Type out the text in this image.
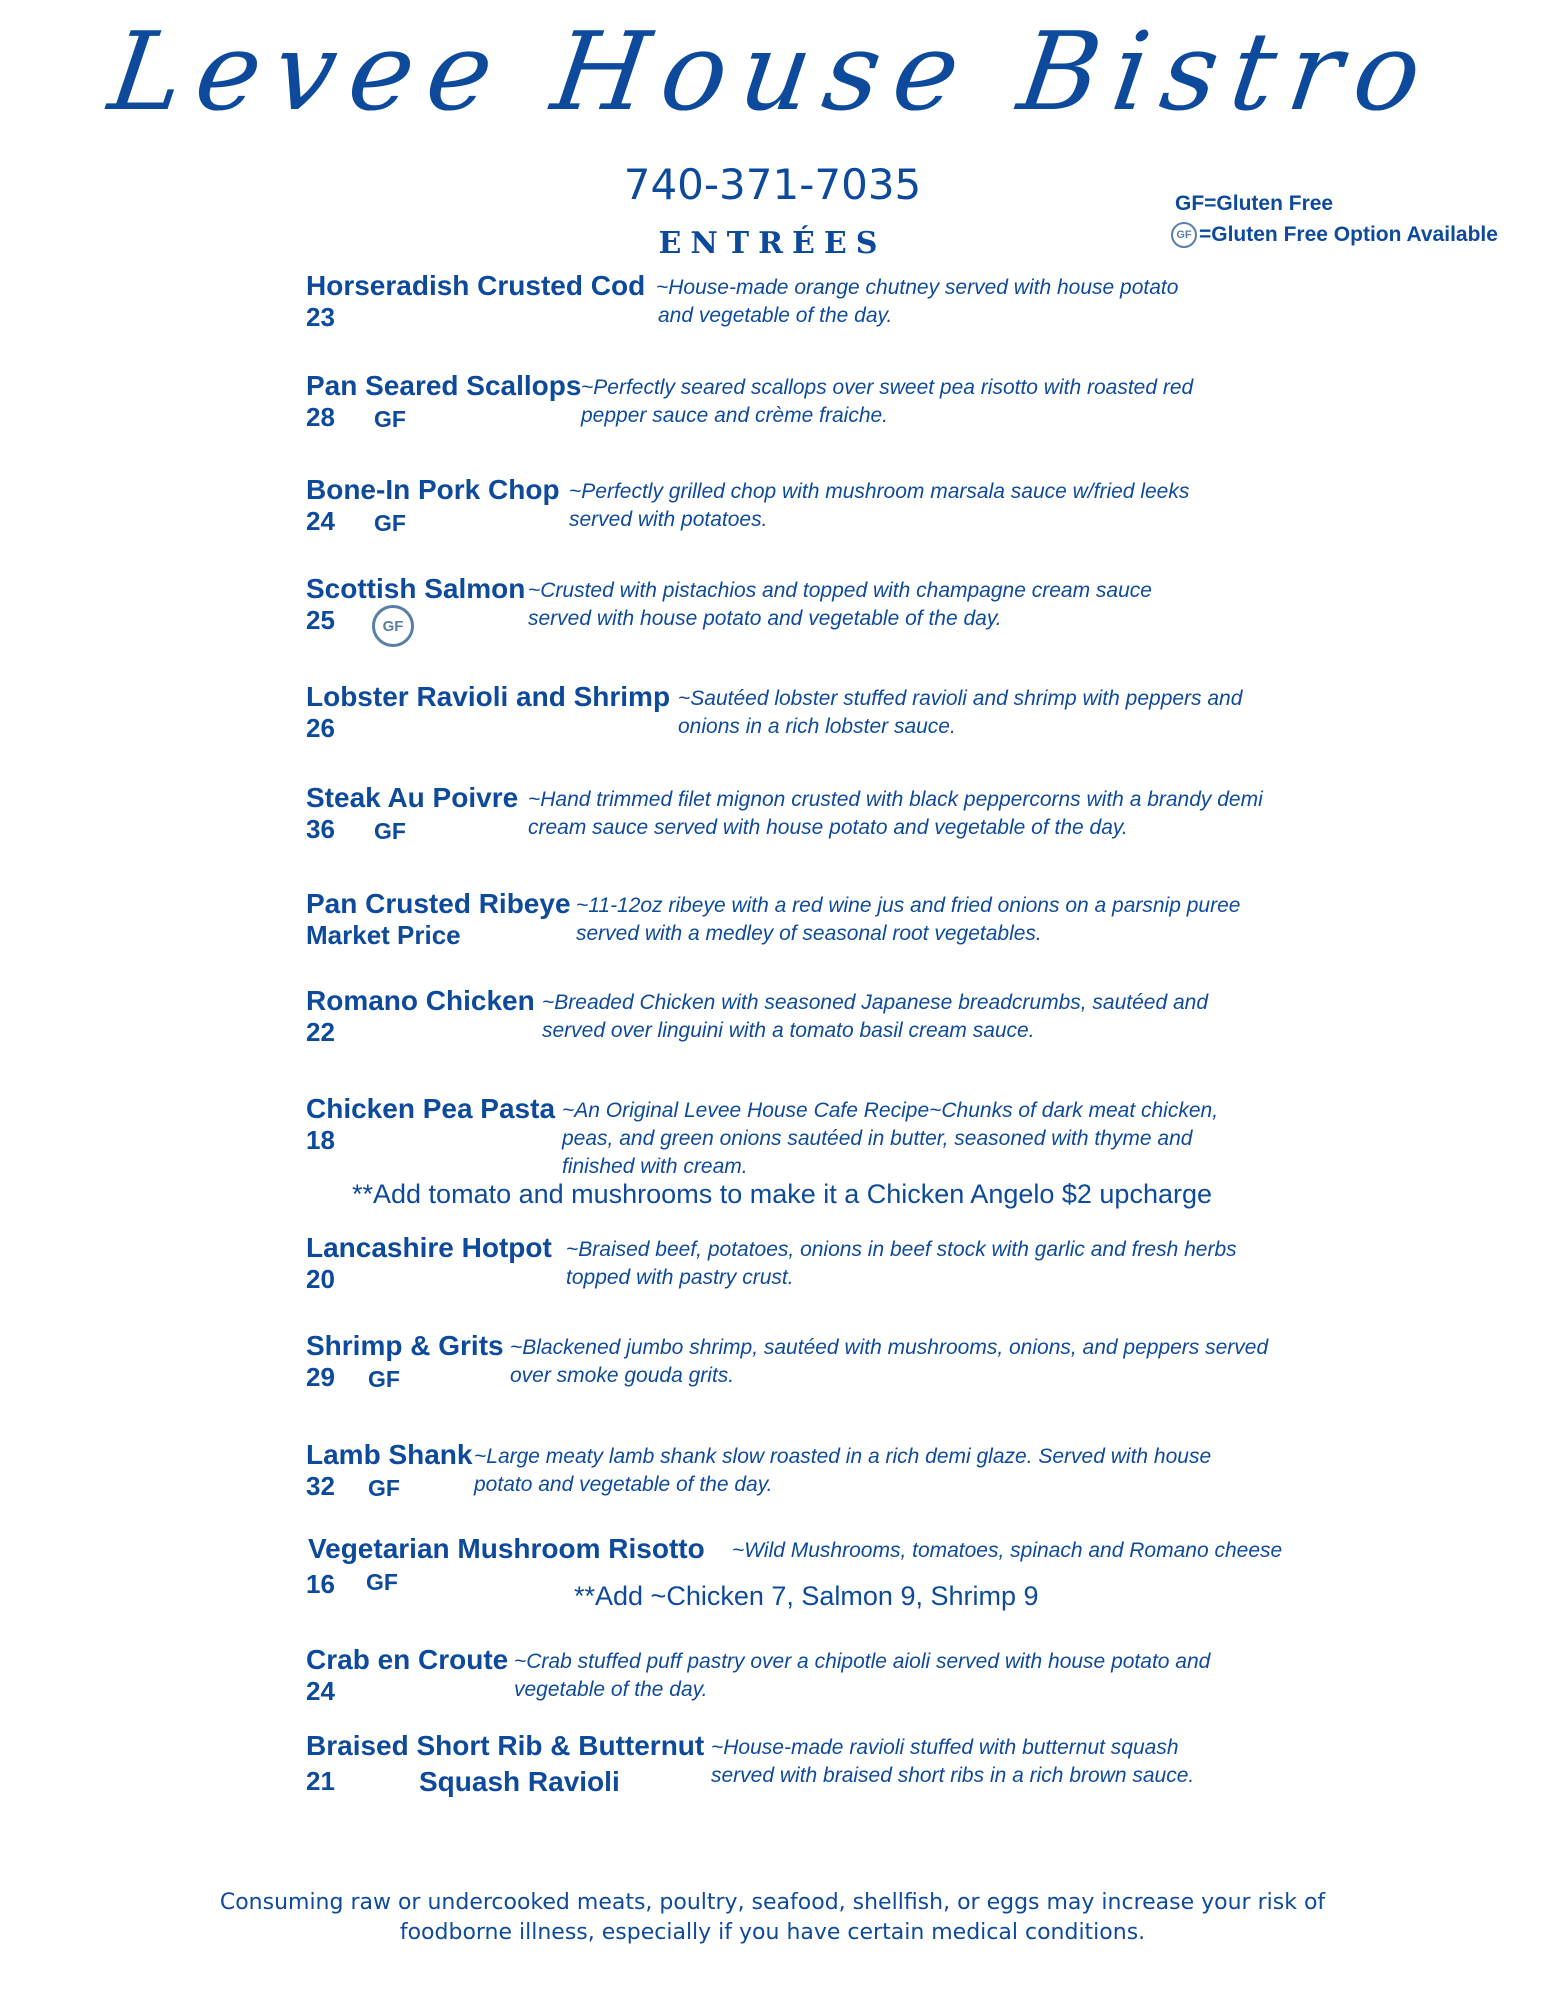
Levee House Bistro
740-371-7035
ENTRÉES
GF=Gluten Free
GF =Gluten Free Option Available
Horseradish Crusted Cod
23
~House-made orange chutney served with house potato and vegetable of the day.
Pan Seared Scallops
28 GF
~Perfectly seared scallops over sweet pea risotto with roasted red pepper sauce and crème fraiche.
Bone-In Pork Chop
24 GF
~Perfectly grilled chop with mushroom marsala sauce w/fried leeks served with potatoes.
Scottish Salmon
25	GF
~Crusted with pistachios and topped with champagne cream sauce served with house potato and vegetable of the day.
Lobster Ravioli and Shrimp
26
~Sautéed lobster stuffed ravioli and shrimp with peppers and onions in a rich lobster sauce.
Steak Au Poivre
36 GF
~Hand trimmed filet mignon crusted with black peppercorns with a brandy demi cream sauce served with house potato and vegetable of the day.
Pan Crusted Ribeye
Market Price
~11-12oz ribeye with a red wine jus and fried onions on a parsnip puree served with a medley of seasonal root vegetables.
Romano Chicken
22
~Breaded Chicken with seasoned Japanese breadcrumbs, sautéed and served over linguini with a tomato basil cream sauce.
Chicken Pea Pasta
18
~An Original Levee House Cafe Recipe~Chunks of dark meat chicken, peas, and green onions sautéed in butter, seasoned with thyme and finished with cream.
**Add tomato and mushrooms to make it a Chicken Angelo $2 upcharge
Lancashire Hotpot
20
~Braised beef, potatoes, onions in beef stock with garlic and fresh herbs topped with pastry crust.
Shrimp & Grits
29 GF
~Blackened jumbo shrimp, sautéed with mushrooms, onions, and peppers served over smoke gouda grits.
Lamb Shank
32 GF
~Large meaty lamb shank slow roasted in a rich demi glaze. Served with house potato and vegetable of the day.
Vegetarian Mushroom Risotto
16 GF
~Wild Mushrooms, tomatoes, spinach and Romano cheese
**Add ~Chicken 7, Salmon 9, Shrimp 9
Crab en Croute
24
~Crab stuffed puff pastry over a chipotle aioli served with house potato and vegetable of the day.
Braised Short Rib & Butternut
Squash Ravioli
21
~House-made ravioli stuffed with butternut squash served with braised short ribs in a rich brown sauce.
Consuming raw or undercooked meats, poultry, seafood, shellfish, or eggs may increase your risk of foodborne illness, especially if you have certain medical conditions.
